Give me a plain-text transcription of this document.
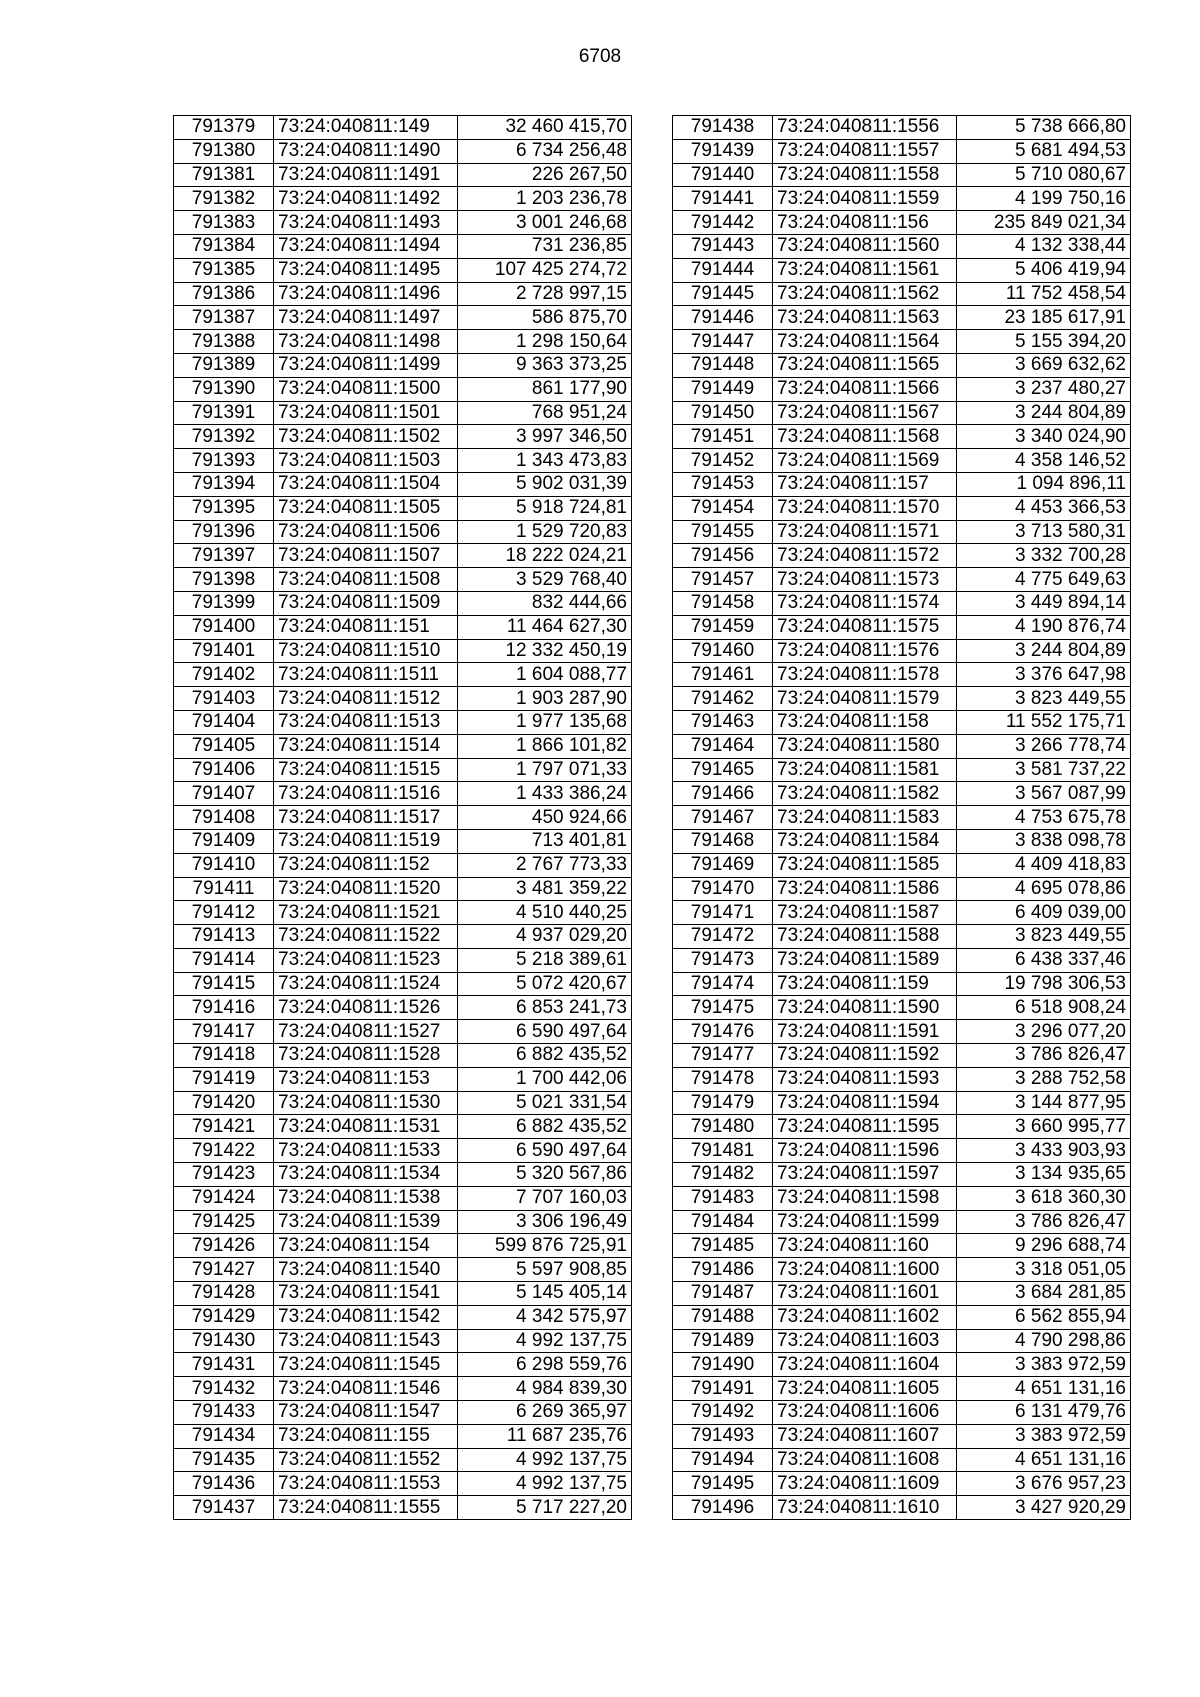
6708
791379	73:24:040811:149	32 460 415,70
791380	73:24:040811:1490	6 734 256,48
791381	73:24:040811:1491	226 267,50
791382	73:24:040811:1492	1 203 236,78
791383	73:24:040811:1493	3 001 246,68
791384	73:24:040811:1494	731 236,85
791385	73:24:040811:1495	107 425 274,72
791386	73:24:040811:1496	2 728 997,15
791387	73:24:040811:1497	586 875,70
791388	73:24:040811:1498	1 298 150,64
791389	73:24:040811:1499	9 363 373,25
791390	73:24:040811:1500	861 177,90
791391	73:24:040811:1501	768 951,24
791392	73:24:040811:1502	3 997 346,50
791393	73:24:040811:1503	1 343 473,83
791394	73:24:040811:1504	5 902 031,39
791395	73:24:040811:1505	5 918 724,81
791396	73:24:040811:1506	1 529 720,83
791397	73:24:040811:1507	18 222 024,21
791398	73:24:040811:1508	3 529 768,40
791399	73:24:040811:1509	832 444,66
791400	73:24:040811:151	11 464 627,30
791401	73:24:040811:1510	12 332 450,19
791402	73:24:040811:1511	1 604 088,77
791403	73:24:040811:1512	1 903 287,90
791404	73:24:040811:1513	1 977 135,68
791405	73:24:040811:1514	1 866 101,82
791406	73:24:040811:1515	1 797 071,33
791407	73:24:040811:1516	1 433 386,24
791408	73:24:040811:1517	450 924,66
791409	73:24:040811:1519	713 401,81
791410	73:24:040811:152	2 767 773,33
791411	73:24:040811:1520	3 481 359,22
791412	73:24:040811:1521	4 510 440,25
791413	73:24:040811:1522	4 937 029,20
791414	73:24:040811:1523	5 218 389,61
791415	73:24:040811:1524	5 072 420,67
791416	73:24:040811:1526	6 853 241,73
791417	73:24:040811:1527	6 590 497,64
791418	73:24:040811:1528	6 882 435,52
791419	73:24:040811:153	1 700 442,06
791420	73:24:040811:1530	5 021 331,54
791421	73:24:040811:1531	6 882 435,52
791422	73:24:040811:1533	6 590 497,64
791423	73:24:040811:1534	5 320 567,86
791424	73:24:040811:1538	7 707 160,03
791425	73:24:040811:1539	3 306 196,49
791426	73:24:040811:154	599 876 725,91
791427	73:24:040811:1540	5 597 908,85
791428	73:24:040811:1541	5 145 405,14
791429	73:24:040811:1542	4 342 575,97
791430	73:24:040811:1543	4 992 137,75
791431	73:24:040811:1545	6 298 559,76
791432	73:24:040811:1546	4 984 839,30
791433	73:24:040811:1547	6 269 365,97
791434	73:24:040811:155	11 687 235,76
791435	73:24:040811:1552	4 992 137,75
791436	73:24:040811:1553	4 992 137,75
791437	73:24:040811:1555	5 717 227,20
791438	73:24:040811:1556	5 738 666,80
791439	73:24:040811:1557	5 681 494,53
791440	73:24:040811:1558	5 710 080,67
791441	73:24:040811:1559	4 199 750,16
791442	73:24:040811:156	235 849 021,34
791443	73:24:040811:1560	4 132 338,44
791444	73:24:040811:1561	5 406 419,94
791445	73:24:040811:1562	11 752 458,54
791446	73:24:040811:1563	23 185 617,91
791447	73:24:040811:1564	5 155 394,20
791448	73:24:040811:1565	3 669 632,62
791449	73:24:040811:1566	3 237 480,27
791450	73:24:040811:1567	3 244 804,89
791451	73:24:040811:1568	3 340 024,90
791452	73:24:040811:1569	4 358 146,52
791453	73:24:040811:157	1 094 896,11
791454	73:24:040811:1570	4 453 366,53
791455	73:24:040811:1571	3 713 580,31
791456	73:24:040811:1572	3 332 700,28
791457	73:24:040811:1573	4 775 649,63
791458	73:24:040811:1574	3 449 894,14
791459	73:24:040811:1575	4 190 876,74
791460	73:24:040811:1576	3 244 804,89
791461	73:24:040811:1578	3 376 647,98
791462	73:24:040811:1579	3 823 449,55
791463	73:24:040811:158	11 552 175,71
791464	73:24:040811:1580	3 266 778,74
791465	73:24:040811:1581	3 581 737,22
791466	73:24:040811:1582	3 567 087,99
791467	73:24:040811:1583	4 753 675,78
791468	73:24:040811:1584	3 838 098,78
791469	73:24:040811:1585	4 409 418,83
791470	73:24:040811:1586	4 695 078,86
791471	73:24:040811:1587	6 409 039,00
791472	73:24:040811:1588	3 823 449,55
791473	73:24:040811:1589	6 438 337,46
791474	73:24:040811:159	19 798 306,53
791475	73:24:040811:1590	6 518 908,24
791476	73:24:040811:1591	3 296 077,20
791477	73:24:040811:1592	3 786 826,47
791478	73:24:040811:1593	3 288 752,58
791479	73:24:040811:1594	3 144 877,95
791480	73:24:040811:1595	3 660 995,77
791481	73:24:040811:1596	3 433 903,93
791482	73:24:040811:1597	3 134 935,65
791483	73:24:040811:1598	3 618 360,30
791484	73:24:040811:1599	3 786 826,47
791485	73:24:040811:160	9 296 688,74
791486	73:24:040811:1600	3 318 051,05
791487	73:24:040811:1601	3 684 281,85
791488	73:24:040811:1602	6 562 855,94
791489	73:24:040811:1603	4 790 298,86
791490	73:24:040811:1604	3 383 972,59
791491	73:24:040811:1605	4 651 131,16
791492	73:24:040811:1606	6 131 479,76
791493	73:24:040811:1607	3 383 972,59
791494	73:24:040811:1608	4 651 131,16
791495	73:24:040811:1609	3 676 957,23
791496	73:24:040811:1610	3 427 920,29
